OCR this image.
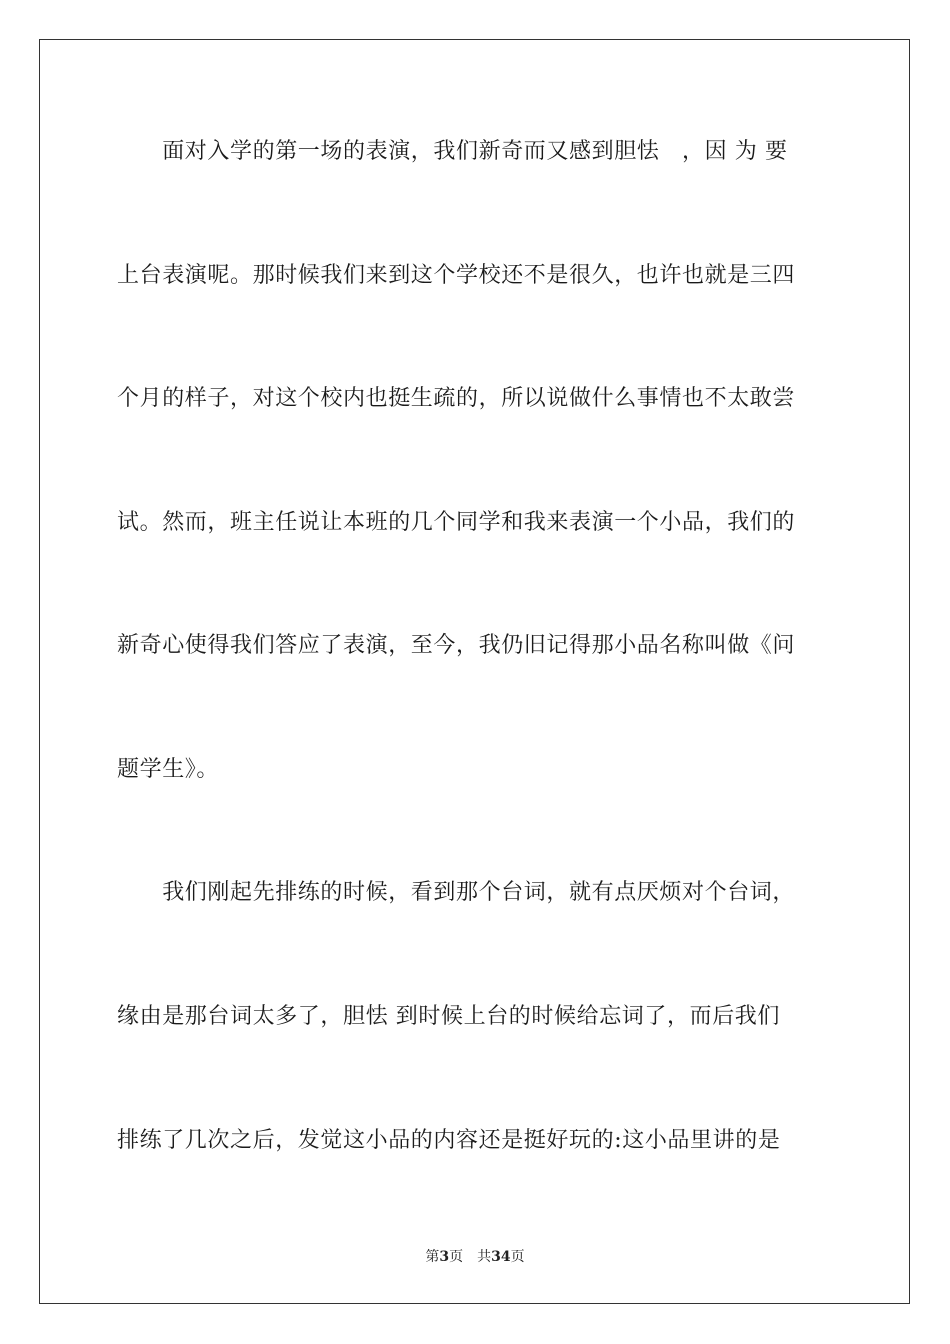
　　面对入学的第一场的表演，我们新奇而又感到胆怯　，因 为 要
上台表演呢。那时候我们来到这个学校还不是很久，也许也就是三四
个月的样子，对这个校内也挺生疏的，所以说做什么事情也不太敢尝
试。然而，班主任说让本班的几个同学和我来表演一个小品，我们的
新奇心使得我们答应了表演，至今，我仍旧记得那小品名称叫做《问
题学生》。
　　我们刚起先排练的时候，看到那个台词，就有点厌烦对个台词，
缘由是那台词太多了，胆怯 到时候上台的时候给忘词了，而后我们
排练了几次之后，发觉这小品的内容还是挺好玩的:这小品里讲的是
第3页 共34页
